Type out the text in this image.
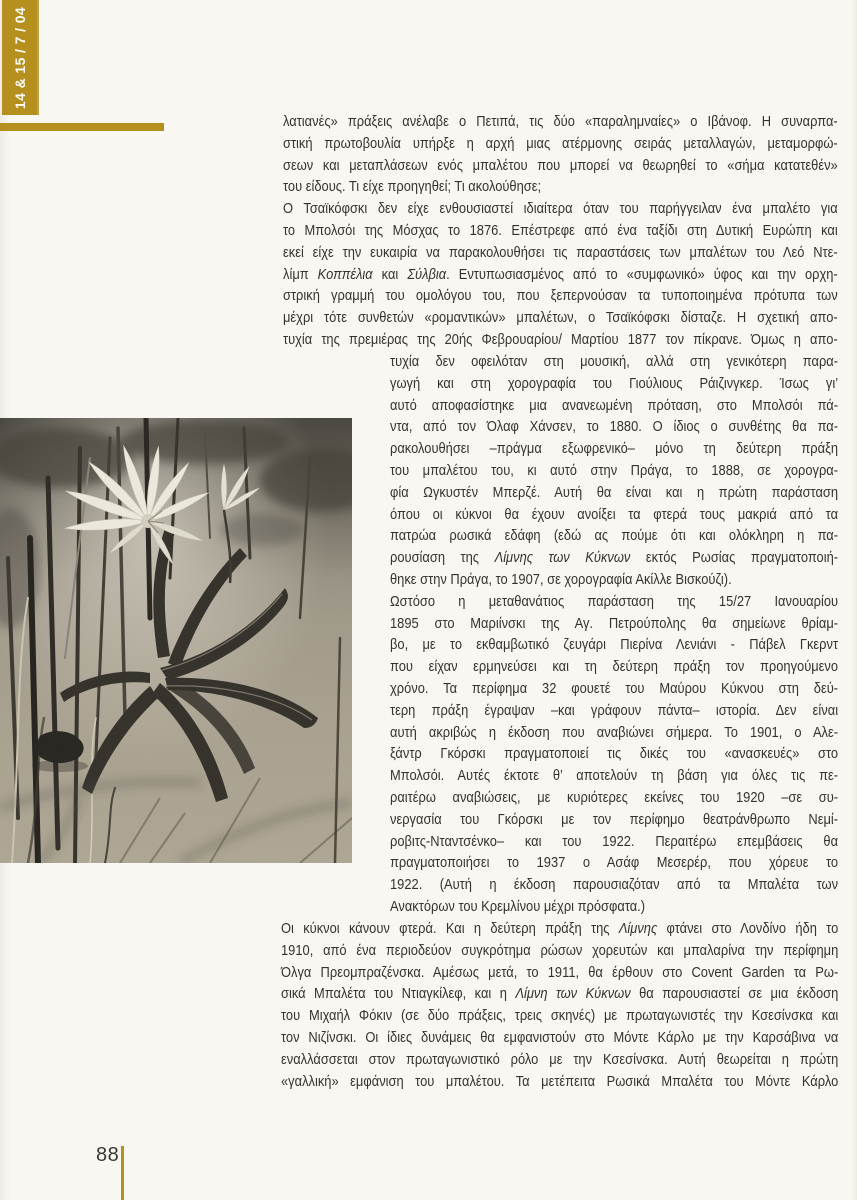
14 & 15 / 7 / 04
λατιανές» πράξεις ανέλαβε ο Πετιπά, τις δύο «παραλημναίες» ο Ιβάνοφ. Η συναρπα-
στική πρωτοβουλία υπήρξε η αρχή μιας ατέρμονης σειράς μεταλλαγών, μεταμορφώ-
σεων και μεταπλάσεων ενός μπαλέτου που μπορεί να θεωρηθεί το «σήμα κατατεθέν»
του είδους. Τι είχε προηγηθεί; Τι ακολούθησε;
Ο Τσαϊκόφσκι δεν είχε ενθουσιαστεί ιδιαίτερα όταν του παρήγγειλαν ένα μπαλέτο για
το Μπολσόι της Μόσχας το 1876. Επέστρεφε από ένα ταξίδι στη Δυτική Ευρώπη και
εκεί είχε την ευκαιρία να παρακολουθήσει τις παραστάσεις των μπαλέτων του Λεό Ντε-
λίμπ Κοππέλια και Σύλβια. Εντυπωσιασμένος από το «συμφωνικό» ύφος και την ορχη-
στρική γραμμή του ομολόγου του, που ξεπερνούσαν τα τυποποιημένα πρότυπα των
μέχρι τότε συνθετών «ρομαντικών» μπαλέτων, ο Τσαϊκόφσκι δίσταζε. Η σχετική απο-
τυχία της πρεμιέρας της 20ής Φεβρουαρίου/ Μαρτίου 1877 τον πίκρανε. Όμως η απο-
τυχία δεν οφειλόταν στη μουσική, αλλά στη γενικότερη παρα-
γωγή και στη χορογραφία του Γιούλιους Ράιζινγκερ. Ίσως γι’
αυτό αποφασίστηκε μια ανανεωμένη πρόταση, στο Μπολσόι πά-
ντα, από τον Όλαφ Χάνσεν, το 1880. Ο ίδιος ο συνθέτης θα πα-
ρακολουθήσει –πράγμα εξωφρενικό– μόνο τη δεύτερη πράξη
του μπαλέτου του, κι αυτό στην Πράγα, το 1888, σε χορογρα-
φία Ωγκυστέν Μπερζέ. Αυτή θα είναι και η πρώτη παράσταση
όπου οι κύκνοι θα έχουν ανοίξει τα φτερά τους μακριά από τα
πατρώα ρωσικά εδάφη (εδώ ας πούμε ότι και ολόκληρη η πα-
ρουσίαση της Λίμνης των Κύκνων εκτός Ρωσίας πραγματοποιή-
θηκε στην Πράγα, το 1907, σε χορογραφία Ακίλλε Βισκούζι).
Ωστόσο η μεταθανάτιος παράσταση της 15/27 Ιανουαρίου
1895 στο Μαριίνσκι της Αγ. Πετρούπολης θα σημείωνε θρίαμ-
βο, με το εκθαμβωτικό ζευγάρι Πιερίνα Λενιάνι - Πάβελ Γκερντ
που είχαν ερμηνεύσει και τη δεύτερη πράξη τον προηγούμενο
χρόνο. Τα περίφημα 32 φουετέ του Μαύρου Κύκνου στη δεύ-
τερη πράξη έγραψαν –και γράφουν πάντα– ιστορία. Δεν είναι
αυτή ακριβώς η έκδοση που αναβιώνει σήμερα. Το 1901, ο Αλε-
ξάντρ Γκόρσκι πραγματοποιεί τις δικές του «ανασκευές» στο
Μπολσόι. Αυτές έκτοτε θ’ αποτελούν τη βάση για όλες τις πε-
ραιτέρω αναβιώσεις, με κυριότερες εκείνες του 1920 –σε συ-
νεργασία του Γκόρσκι με τον περίφημο θεατράνθρωπο Νεμί-
ροβιτς-Νταντσένκο– και του 1922. Περαιτέρω επεμβάσεις θα
πραγματοποιήσει το 1937 ο Ασάφ Μεσερέρ, που χόρευε το
1922. (Αυτή η έκδοση παρουσιαζόταν από τα Μπαλέτα των
Ανακτόρων του Κρεμλίνου μέχρι πρόσφατα.)
Οι κύκνοι κάνουν φτερά. Και η δεύτερη πράξη της Λίμνης φτάνει στο Λονδίνο ήδη το
1910, από ένα περιοδεύον συγκρότημα ρώσων χορευτών και μπαλαρίνα την περίφημη
Όλγα Πρεομπραζένσκα. Αμέσως μετά, το 1911, θα έρθουν στο Covent Garden τα Ρω-
σικά Μπαλέτα του Ντιαγκίλεφ, και η Λίμνη των Κύκνων θα παρουσιαστεί σε μια έκδοση
του Μιχαήλ Φόκιν (σε δύο πράξεις, τρεις σκηνές) με πρωταγωνιστές την Κσεσίνσκα και
τον Νιζίνσκι. Οι ίδιες δυνάμεις θα εμφανιστούν στο Μόντε Κάρλο με την Καρσάβινα να
εναλλάσσεται στον πρωταγωνιστικό ρόλο με την Κσεσίνσκα. Αυτή θεωρείται η πρώτη
«γαλλική» εμφάνιση του μπαλέτου. Τα μετέπειτα Ρωσικά Μπαλέτα του Μόντε Κάρλο
88
